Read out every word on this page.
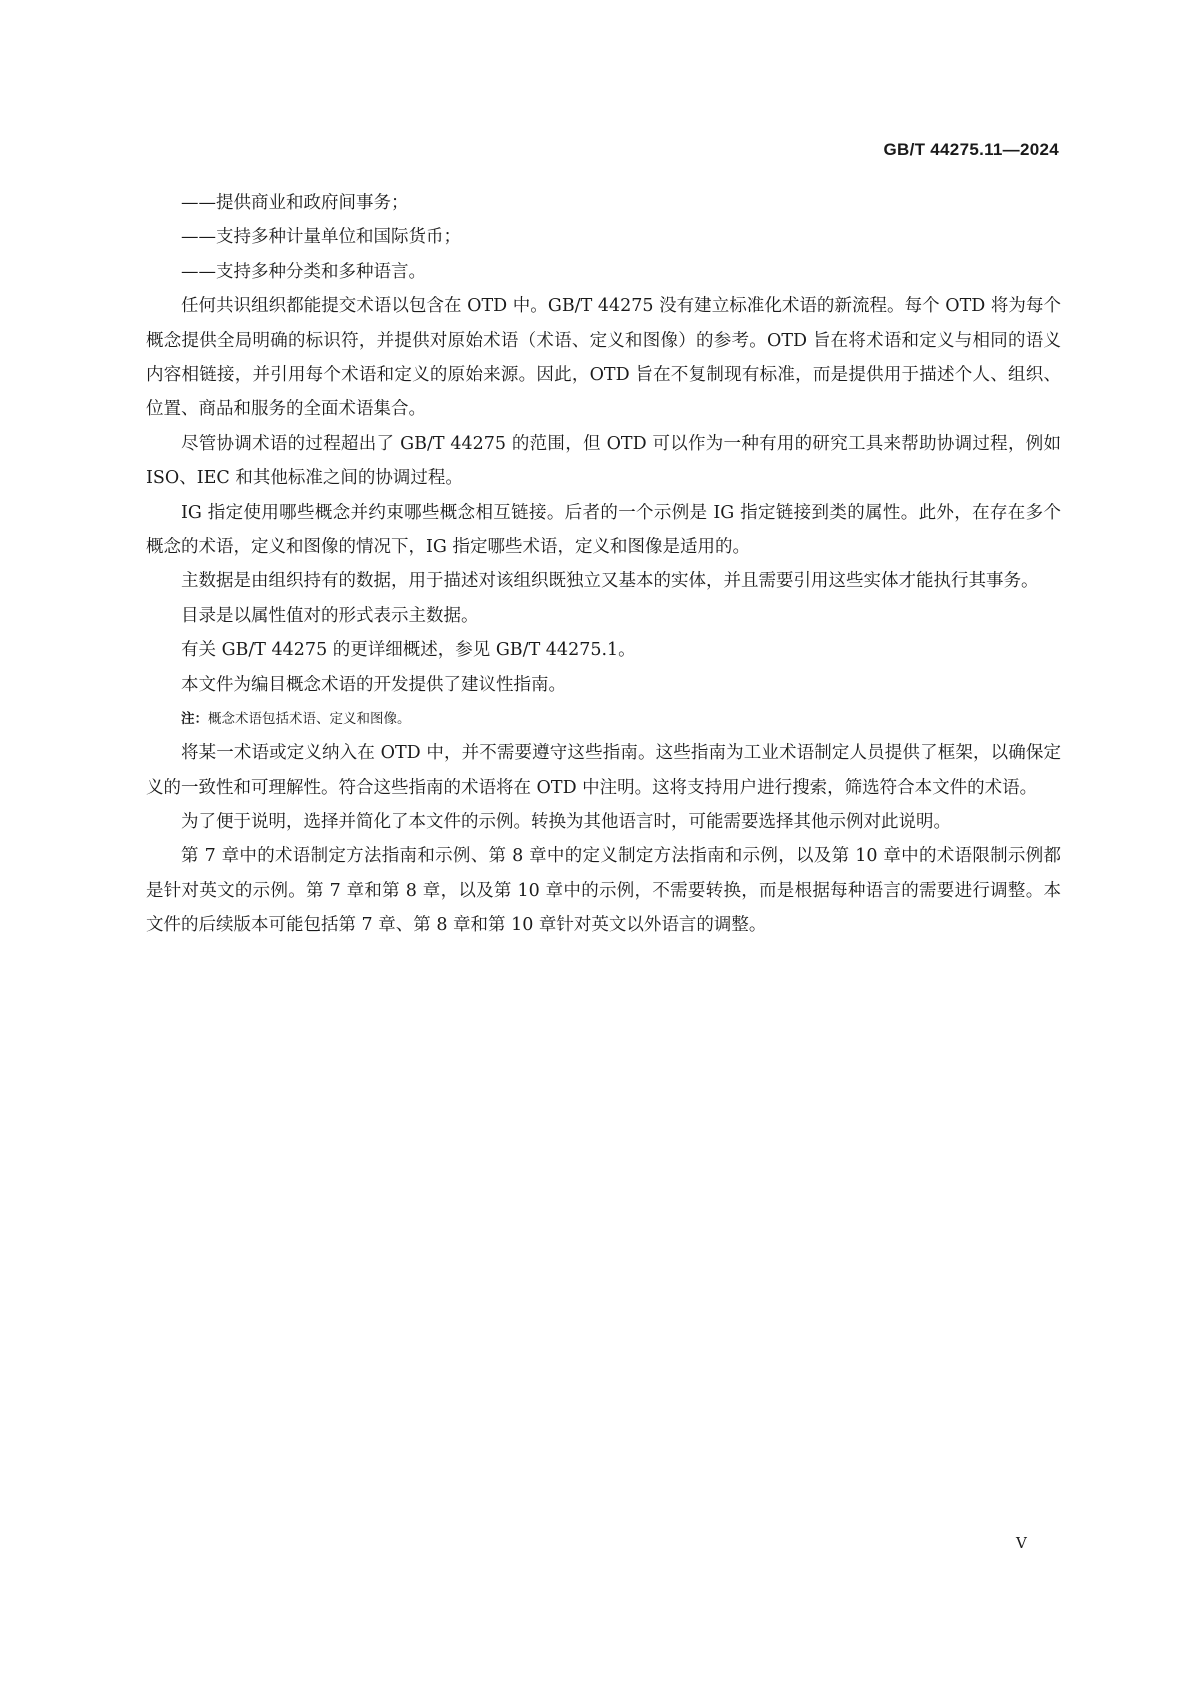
GB/T 44275.11—2024

——提供商业和政府间事务；

——支持多种计量单位和国际货币；

——支持多种分类和多种语言。

任何共识组织都能提交术语以包含在 OTD 中。GB/T 44275 没有建立标准化术语的新流程。每个 OTD 将为每个概念提供全局明确的标识符，并提供对原始术语（术语、定义和图像）的参考。OTD 旨在将术语和定义与相同的语义内容相链接，并引用每个术语和定义的原始来源。因此，OTD 旨在不复制现有标准，而是提供用于描述个人、组织、位置、商品和服务的全面术语集合。

尽管协调术语的过程超出了 GB/T 44275 的范围，但 OTD 可以作为一种有用的研究工具来帮助协调过程，例如 ISO、IEC 和其他标准之间的协调过程。

IG 指定使用哪些概念并约束哪些概念相互链接。后者的一个示例是 IG 指定链接到类的属性。此外，在存在多个概念的术语，定义和图像的情况下，IG 指定哪些术语，定义和图像是适用的。

主数据是由组织持有的数据，用于描述对该组织既独立又基本的实体，并且需要引用这些实体才能执行其事务。

目录是以属性值对的形式表示主数据。

有关 GB/T 44275 的更详细概述，参见 GB/T 44275.1。

本文件为编目概念术语的开发提供了建议性指南。

注：概念术语包括术语、定义和图像。

将某一术语或定义纳入在 OTD 中，并不需要遵守这些指南。这些指南为工业术语制定人员提供了框架，以确保定义的一致性和可理解性。符合这些指南的术语将在 OTD 中注明。这将支持用户进行搜索，筛选符合本文件的术语。

为了便于说明，选择并简化了本文件的示例。转换为其他语言时，可能需要选择其他示例对此说明。

第 7 章中的术语制定方法指南和示例、第 8 章中的定义制定方法指南和示例，以及第 10 章中的术语限制示例都是针对英文的示例。第 7 章和第 8 章，以及第 10 章中的示例，不需要转换，而是根据每种语言的需要进行调整。本文件的后续版本可能包括第 7 章、第 8 章和第 10 章针对英文以外语言的调整。

V
